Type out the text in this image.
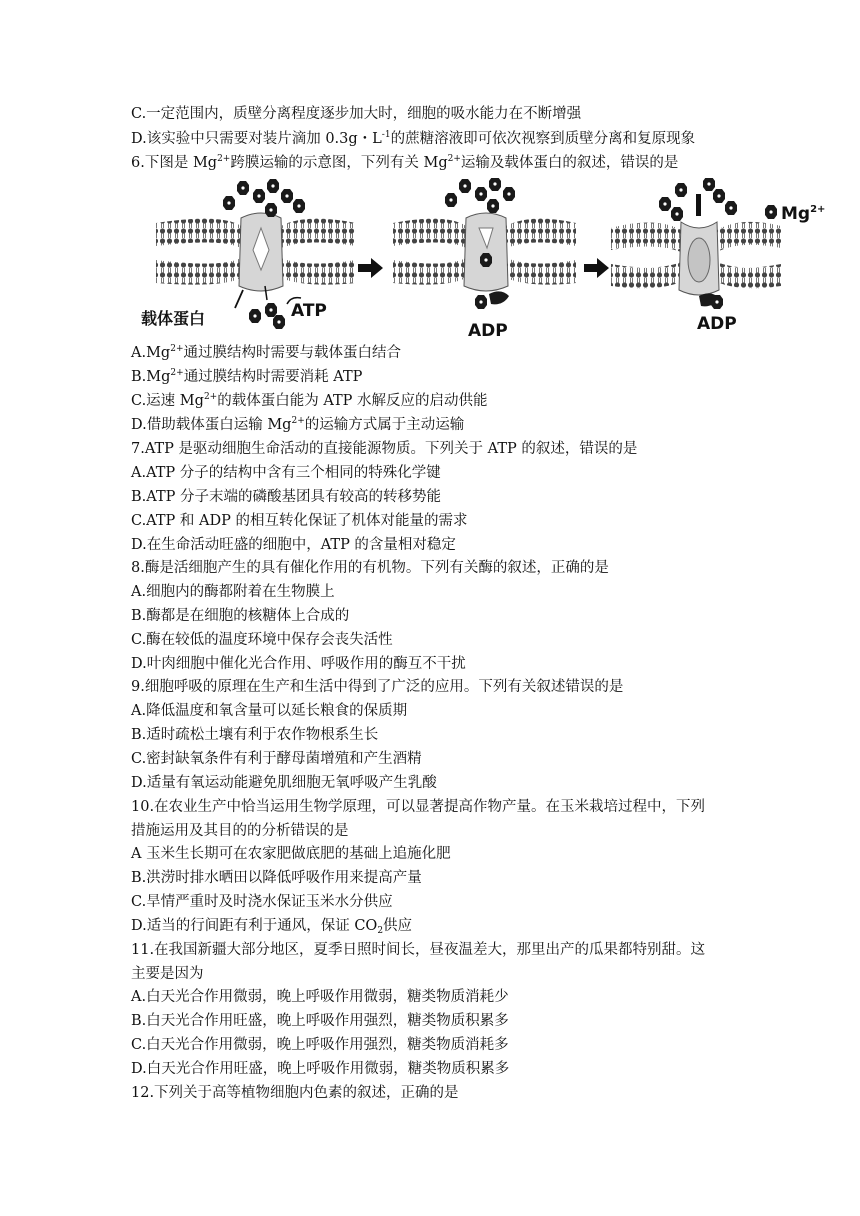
C.一定范围内，质壁分离程度逐步加大时，细胞的吸水能力在不断增强
D.该实验中只需要对装片滴加 0.3g・$L^{-1}$的蔗糖溶液即可依次视察到质壁分离和复原现象
6.下图是 $Mg^{2+}$跨膜运输的示意图，下列有关 $Mg^{2+}$运输及载体蛋白的叙述，错误的是
载体蛋白	ATP
ADP	ADP
$Mg^{2+}$
$A.Mg^{2+}$通过膜结构时需要与载体蛋白结合
$B.Mg^{2+}$通过膜结构时需要消耗 ATP
C.运速 $Mg^{2+}$的载体蛋白能为 ATP 水解反应的启动供能
D.借助载体蛋白运输 $Mg^{2+}$的运输方式属于主动运输
7.ATP 是驱动细胞生命活动的直接能源物质。下列关于 ATP 的叙述，错误的是
A.ATP 分子的结构中含有三个相同的特殊化学键
B.ATP 分子末端的磷酸基团具有较高的转移势能
C.ATP 和 ADP 的相互转化保证了机体对能量的需求
D.在生命活动旺盛的细胞中，ATP 的含量相对稳定
8.酶是活细胞产生的具有催化作用的有机物。下列有关酶的叙述，正确的是
A.细胞内的酶都附着在生物膜上
B.酶都是在细胞的核糖体上合成的
C.酶在较低的温度环境中保存会丧失活性
D.叶肉细胞中催化光合作用、呼吸作用的酶互不干扰
9.细胞呼吸的原理在生产和生活中得到了广泛的应用。下列有关叙述错误的是
A.降低温度和氧含量可以延长粮食的保质期
B.适时疏松土壤有利于农作物根系生长
C.密封缺氧条件有利于酵母菌增殖和产生酒精
D.适量有氧运动能避免肌细胞无氧呼吸产生乳酸
10.在农业生产中恰当运用生物学原理，可以显著提高作物产量。在玉米栽培过程中，下列
措施运用及其目的的分析错误的是
A 玉米生长期可在农家肥做底肥的基础上追施化肥
B.洪涝时排水晒田以降低呼吸作用来提高产量
C.旱情严重时及时浇水保证玉米水分供应
D.适当的行间距有利于通风，保证 $CO_2$供应
11.在我国新疆大部分地区，夏季日照时间长，昼夜温差大，那里出产的瓜果都特别甜。这
主要是因为
A.白天光合作用微弱，晚上呼吸作用微弱，糖类物质消耗少
B.白天光合作用旺盛，晚上呼吸作用强烈，糖类物质积累多
C.白天光合作用微弱，晚上呼吸作用强烈，糖类物质消耗多
D.白天光合作用旺盛，晚上呼吸作用微弱，糖类物质积累多
12.下列关于高等植物细胞内色素的叙述，正确的是
